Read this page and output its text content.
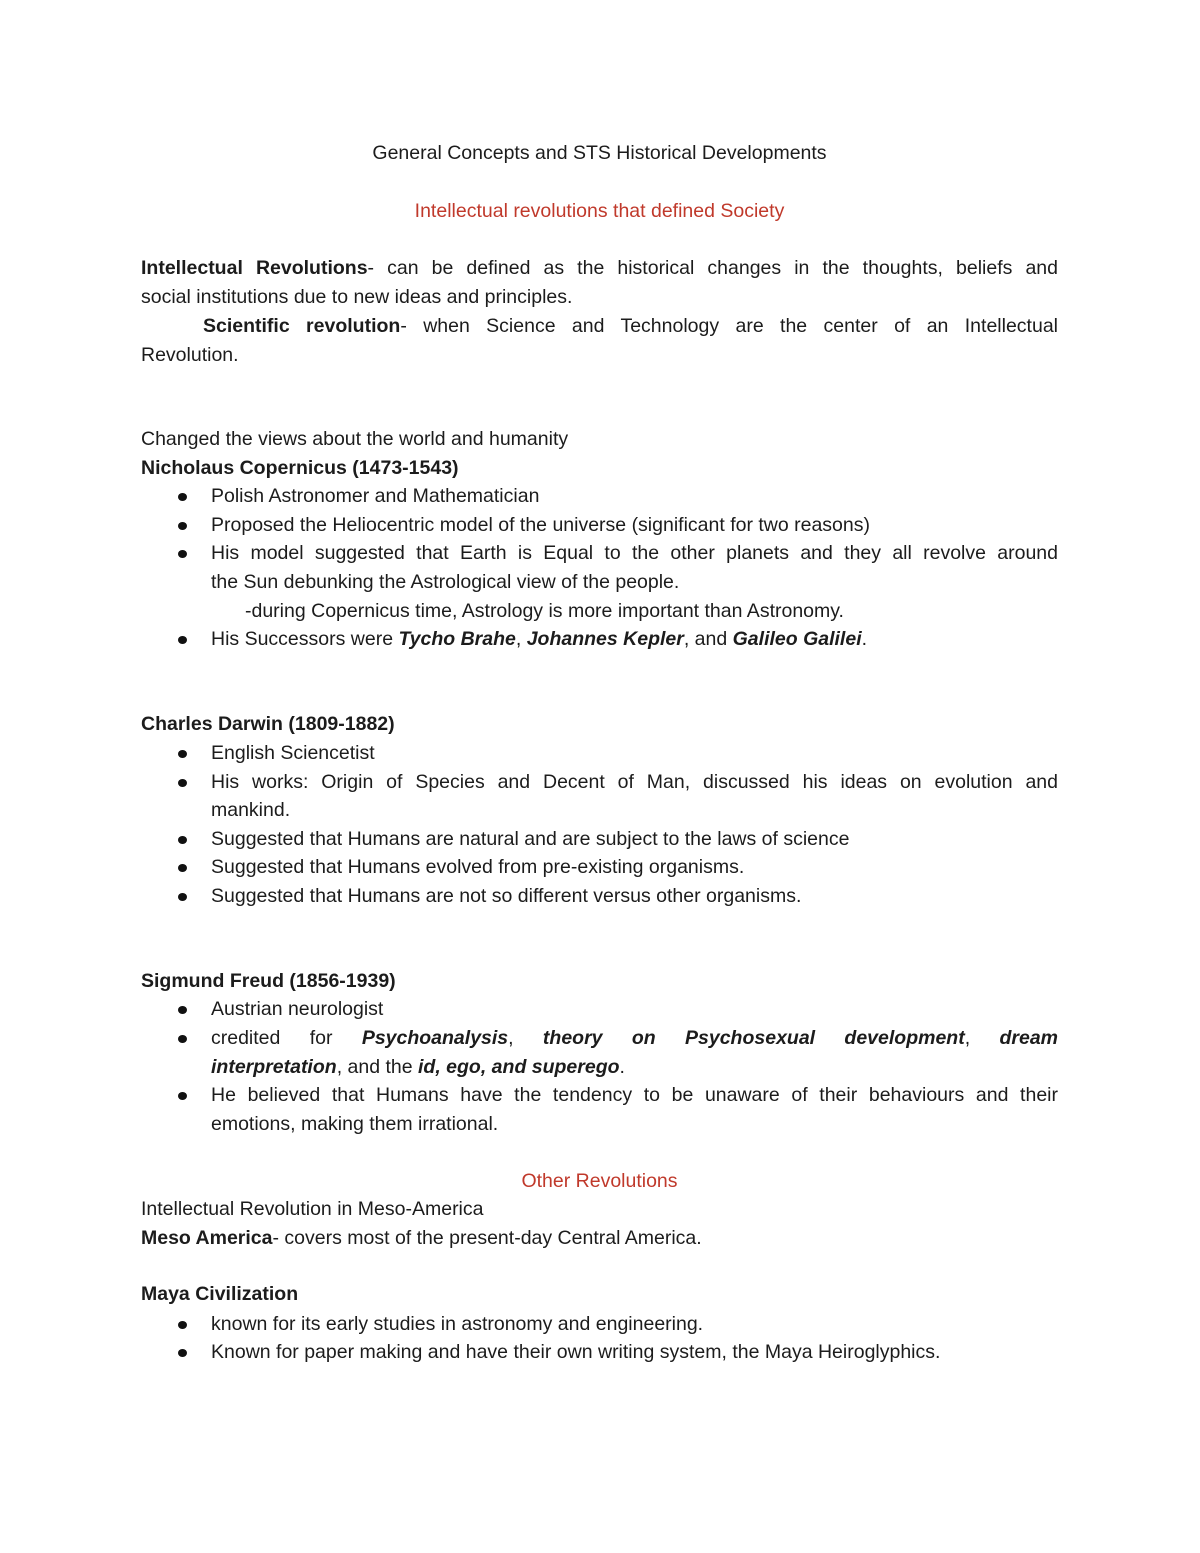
General Concepts and STS Historical Developments
Intellectual revolutions that defined Society
Intellectual Revolutions- can be defined as the historical changes in the thoughts, beliefs and
social institutions due to new ideas and principles.
Scientific revolution- when Science and Technology are the center of an Intellectual
Revolution.
Changed the views about the world and humanity
Nicholaus Copernicus (1473-1543)
Polish Astronomer and Mathematician
Proposed the Heliocentric model of the universe (significant for two reasons)
His model suggested that Earth is Equal to the other planets and they all revolve around
the Sun debunking the Astrological view of the people.
-during Copernicus time, Astrology is more important than Astronomy.
His Successors were Tycho Brahe, Johannes Kepler, and Galileo Galilei.
Charles Darwin (1809-1882)
English Sciencetist
His works: Origin of Species and Decent of Man, discussed his ideas on evolution and
mankind.
Suggested that Humans are natural and are subject to the laws of science
Suggested that Humans evolved from pre-existing organisms.
Suggested that Humans are not so different versus other organisms.
Sigmund Freud (1856-1939)
Austrian neurologist
credited for Psychoanalysis, theory on Psychosexual development, dream
interpretation, and the id, ego, and superego.
He believed that Humans have the tendency to be unaware of their behaviours and their
emotions, making them irrational.
Other Revolutions
Intellectual Revolution in Meso-America
Meso America- covers most of the present-day Central America.
Maya Civilization
known for its early studies in astronomy and engineering.
Known for paper making and have their own writing system, the Maya Heiroglyphics.
